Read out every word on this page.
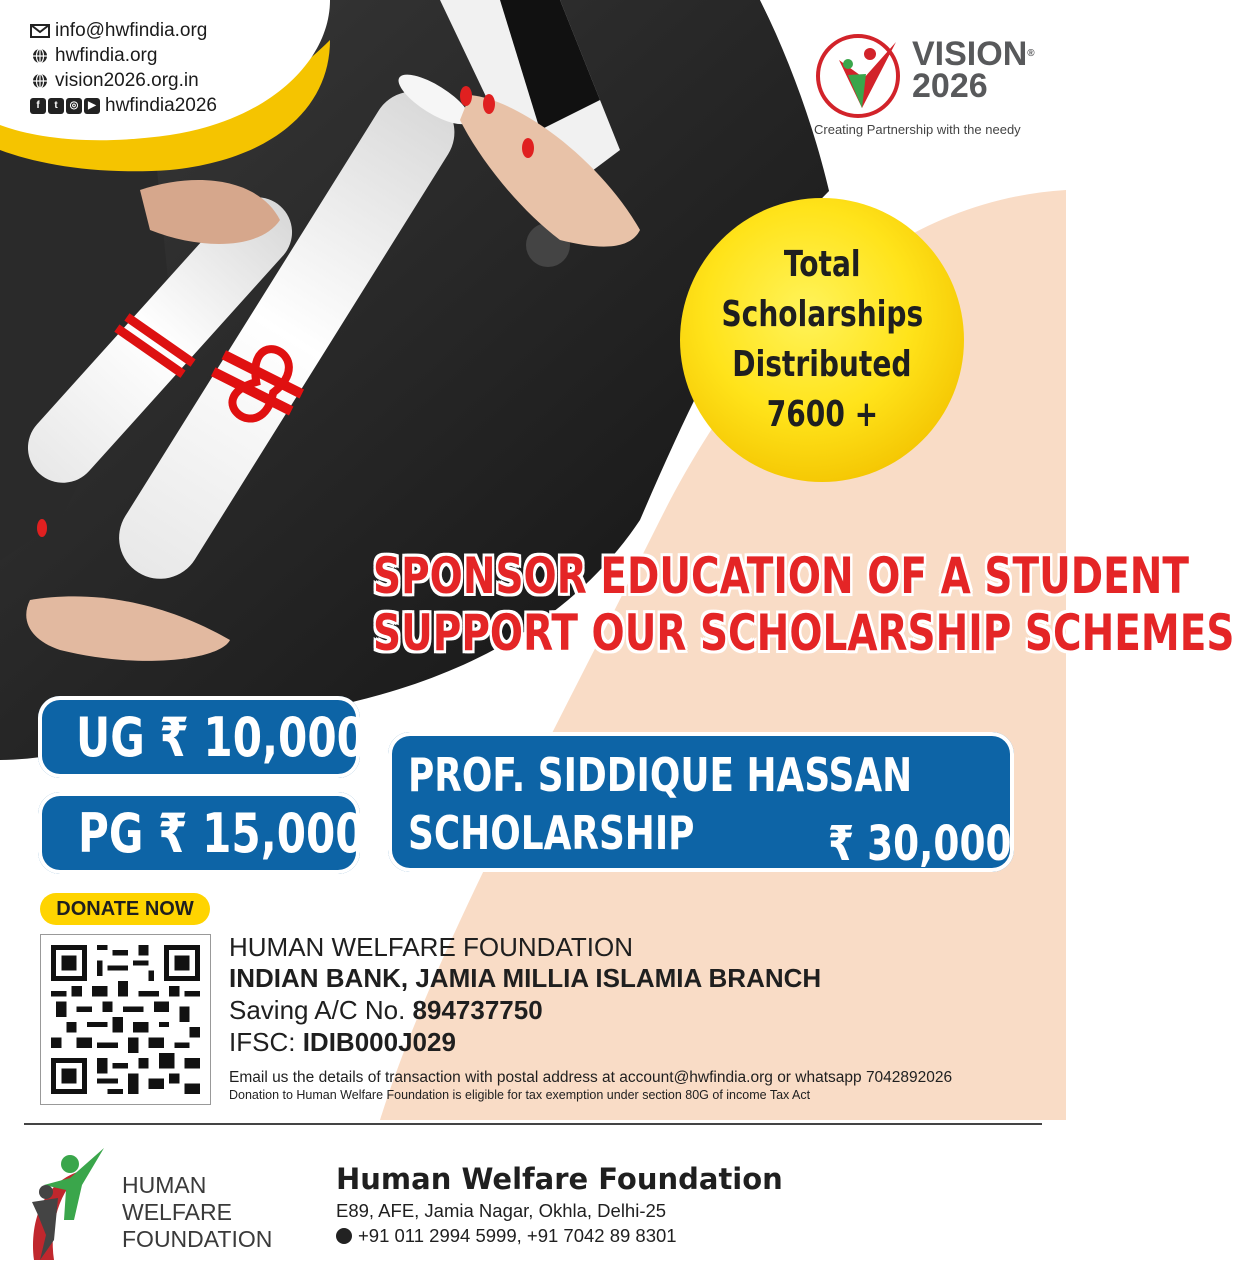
info@hwfindia.org
hwfindia.org
vision2026.org.in
f	t	◎ ▶ hwfindia2026
VISION®
2026
Creating Partnership with the needy
Total
Scholarships
Distributed
7600 +
SPONSOR EDUCATION OF A STUDENT
SUPPORT OUR SCHOLARSHIP SCHEMES
UG ₹ 10,000
PG ₹ 15,000
PROF. SIDDIQUE HASSAN
SCHOLARSHIP	₹ 30,000
DONATE NOW
HUMAN WELFARE FOUNDATION
INDIAN BANK, JAMIA MILLIA ISLAMIA BRANCH
Saving A/C No. 894737750
IFSC: IDIB000J029
Email us the details of transaction with postal address at account@hwfindia.org or whatsapp 7042892026
Donation to Human Welfare Foundation is eligible for tax exemption under section 80G of income Tax Act
HUMAN
WELFARE
FOUNDATION
Human Welfare Foundation
E89, AFE, Jamia Nagar, Okhla, Delhi-25
+91 011 2994 5999, +91 7042 89 8301
